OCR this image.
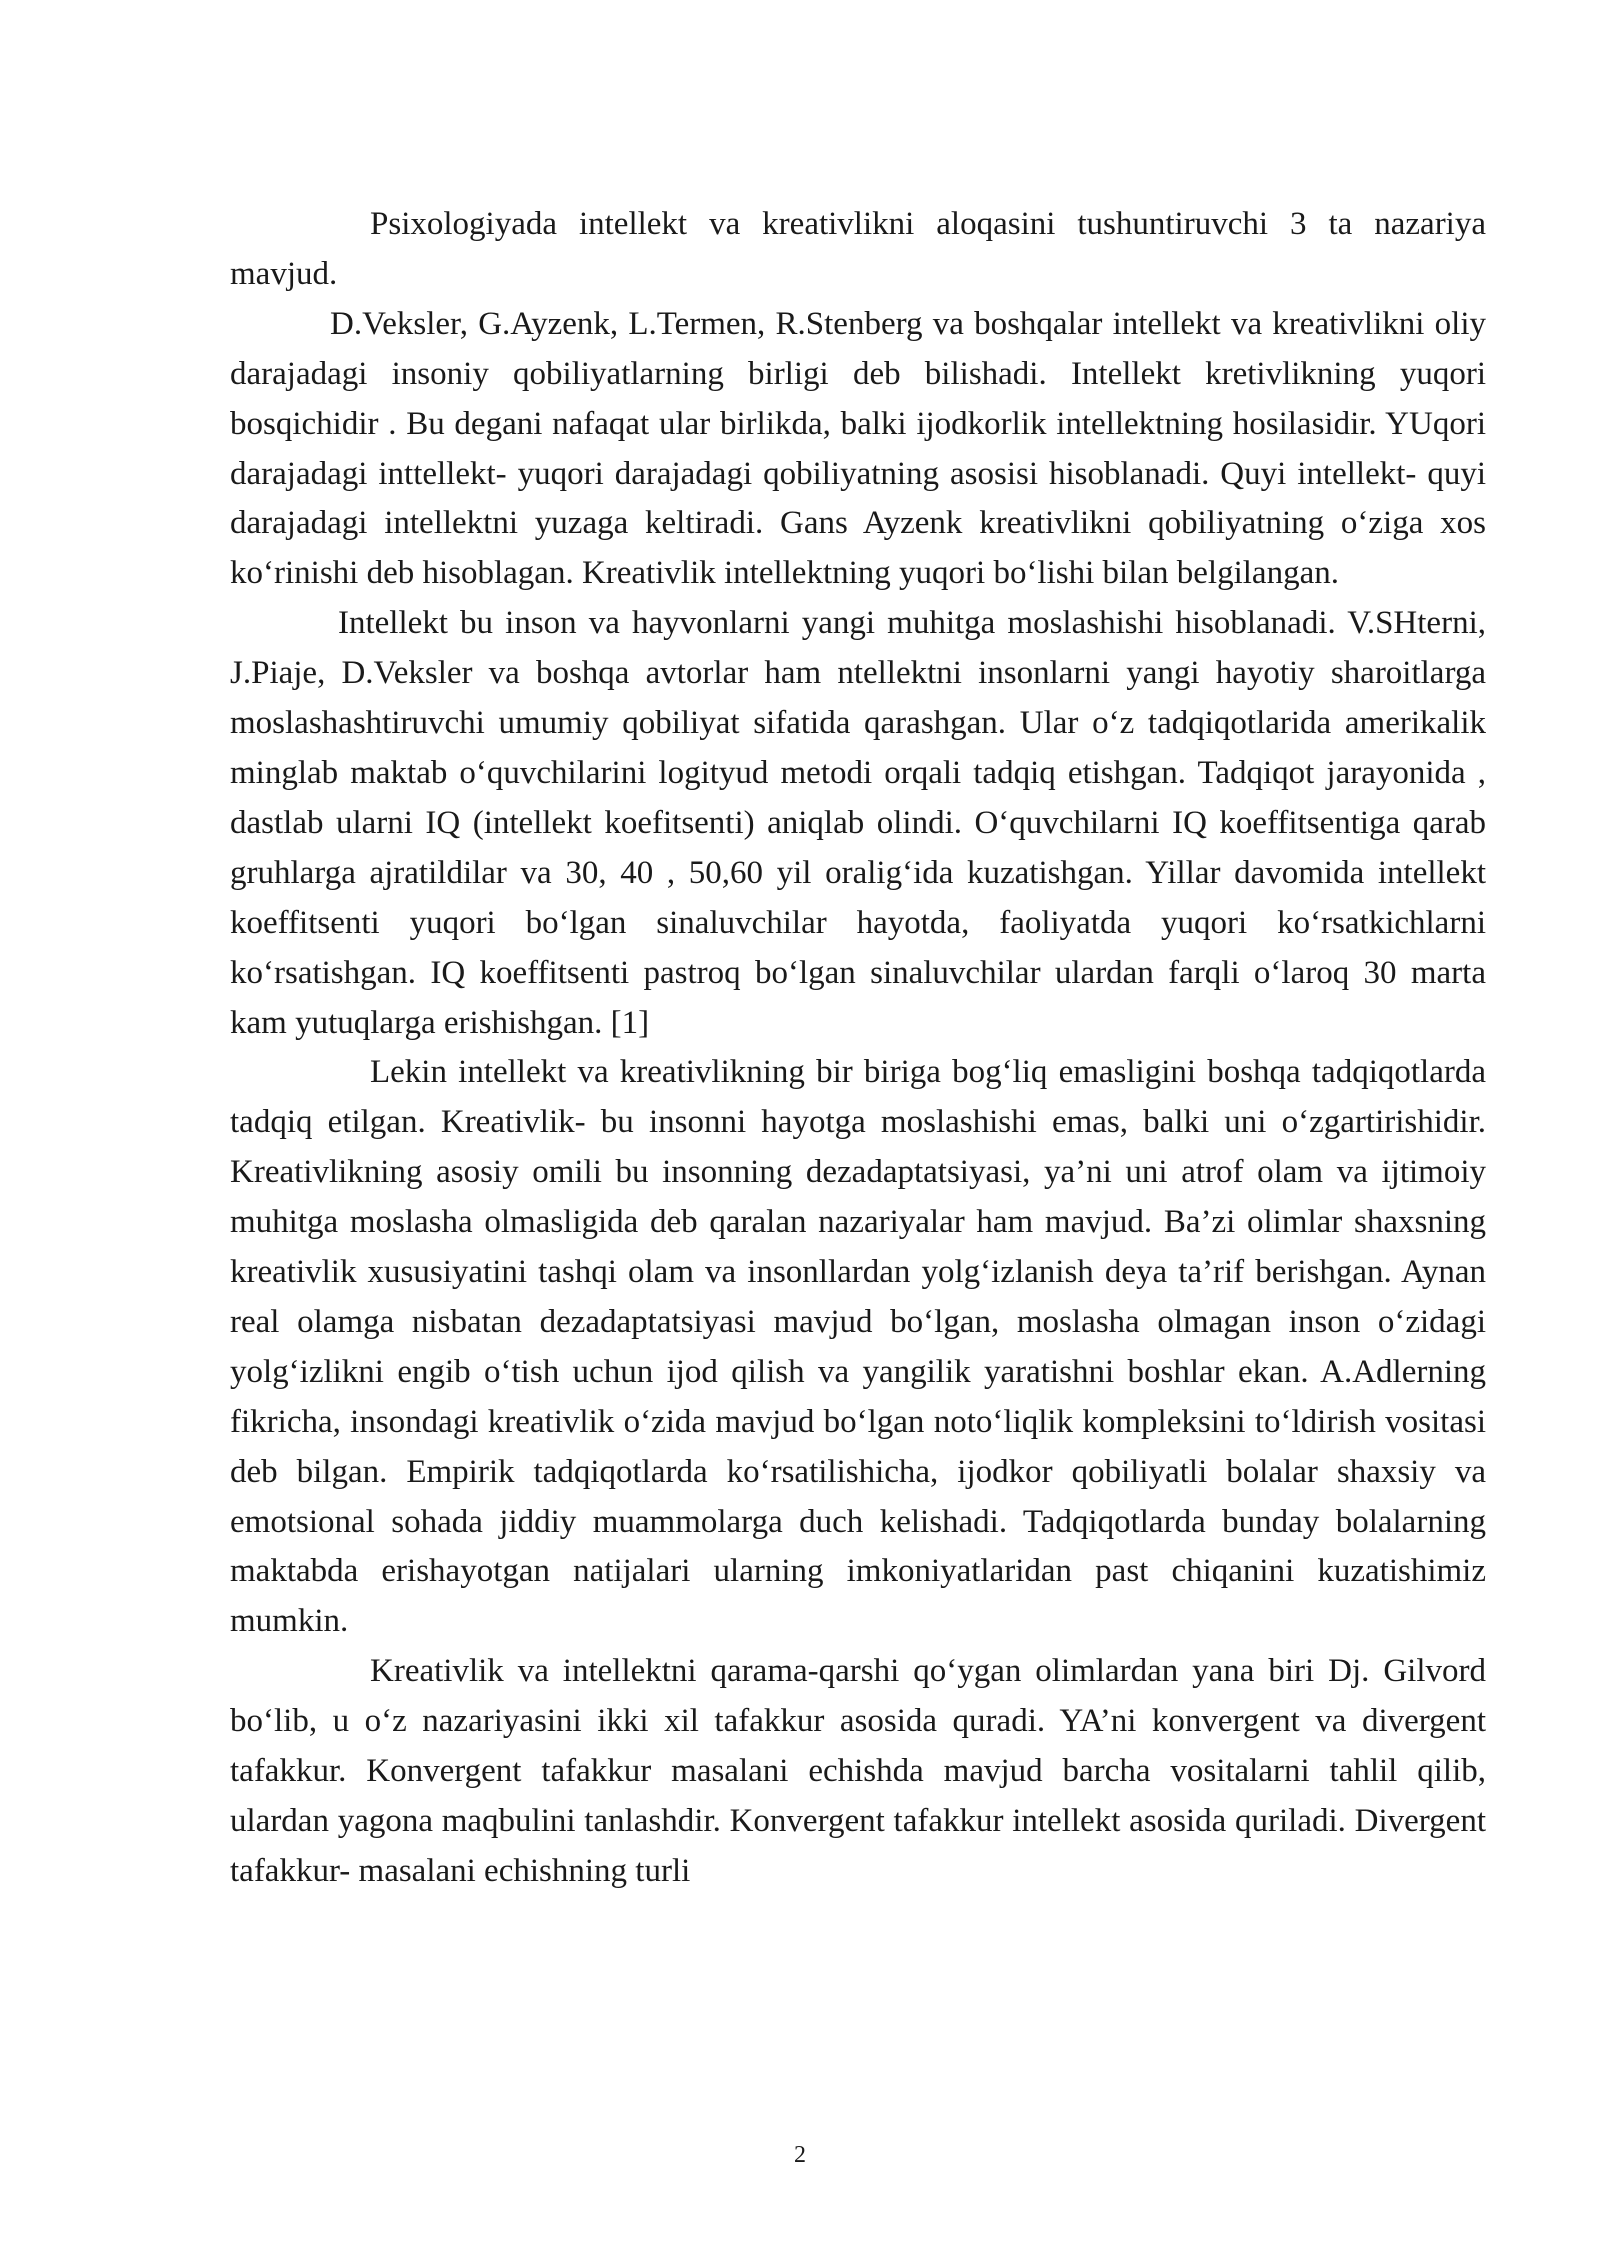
Psixologiyada intellekt va kreativlikni aloqasini tushuntiruvchi 3 ta nazariya mavjud.

D.Veksler, G.Ayzenk, L.Termen, R.Stenberg va boshqalar intellekt va kreativlikni oliy darajadagi insoniy qobiliyatlarning birligi deb bilishadi. Intellekt kretivlikning yuqori bosqichidir . Bu degani nafaqat ular birlikda, balki ijodkorlik intellektning hosilasidir. YUqori darajadagi inttellekt- yuqori darajadagi qobiliyatning asosisi hisoblanadi. Quyi intellekt- quyi darajadagi intellektni yuzaga keltiradi. Gans Ayzenk kreativlikni qobiliyatning o‘ziga xos ko‘rinishi deb hisoblagan. Kreativlik intellektning yuqori bo‘lishi bilan belgilangan.

Intellekt bu inson va hayvonlarni yangi muhitga moslashishi hisoblanadi. V.SHterni, J.Piaje, D.Veksler va boshqa avtorlar ham ntellektni insonlarni yangi hayotiy sharoitlarga moslashashtiruvchi umumiy qobiliyat sifatida qarashgan. Ular o‘z tadqiqotlarida amerikalik minglab maktab o‘quvchilarini logityud metodi orqali tadqiq etishgan. Tadqiqot jarayonida , dastlab ularni IQ (intellekt koefitsenti) aniqlab olindi. O‘quvchilarni IQ koeffitsentiga qarab gruhlarga ajratildilar va 30, 40 , 50,60 yil oralig‘ida kuzatishgan. Yillar davomida intellekt koeffitsenti yuqori bo‘lgan sinaluvchilar hayotda, faoliyatda yuqori ko‘rsatkichlarni ko‘rsatishgan. IQ koeffitsenti pastroq bo‘lgan sinaluvchilar ulardan farqli o‘laroq 30 marta kam yutuqlarga erishishgan. [1]

Lekin intellekt va kreativlikning bir biriga bog‘liq emasligini boshqa tadqiqotlarda tadqiq etilgan. Kreativlik- bu insonni hayotga moslashishi emas, balki uni o‘zgartirishidir. Kreativlikning asosiy omili bu insonning dezadaptatsiyasi, ya’ni uni atrof olam va ijtimoiy muhitga moslasha olmasligida deb qaralan nazariyalar ham mavjud. Ba’zi olimlar shaxsning kreativlik xususiyatini tashqi olam va insonllardan yolg‘izlanish deya ta’rif berishgan. Aynan real olamga nisbatan dezadaptatsiyasi mavjud bo‘lgan, moslasha olmagan inson o‘zidagi yolg‘izlikni engib o‘tish uchun ijod qilish va yangilik yaratishni boshlar ekan. A.Adlerning fikricha, insondagi kreativlik o‘zida mavjud bo‘lgan noto‘liqlik kompleksini to‘ldirish vositasi deb bilgan. Empirik tadqiqotlarda ko‘rsatilishicha, ijodkor qobiliyatli bolalar shaxsiy va emotsional sohada jiddiy muammolarga duch kelishadi. Tadqiqotlarda bunday bolalarning maktabda erishayotgan natijalari ularning imkoniyatlaridan past chiqanini kuzatishimiz mumkin.

Kreativlik va intellektni qarama-qarshi qo‘ygan olimlardan yana biri Dj. Gilvord bo‘lib, u o‘z nazariyasini ikki xil tafakkur asosida quradi. YA’ni konvergent va divergent tafakkur. Konvergent tafakkur masalani echishda mavjud barcha vositalarni tahlil qilib, ulardan yagona maqbulini tanlashdir. Konvergent tafakkur intellekt asosida quriladi. Divergent tafakkur- masalani echishning turli

2
